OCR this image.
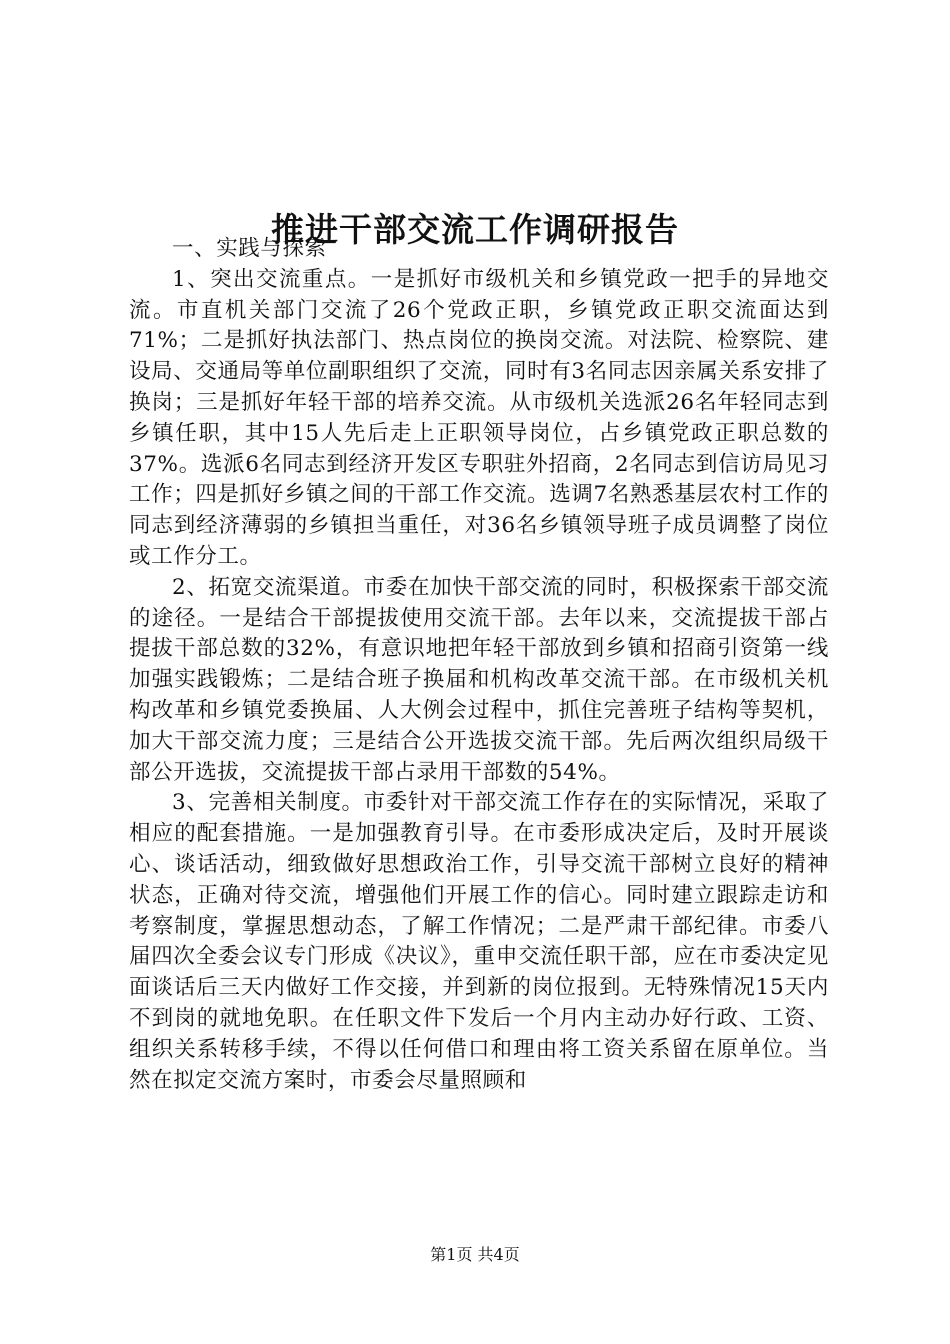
推进干部交流工作调研报告

一、实践与探索

1、突出交流重点。一是抓好市级机关和乡镇党政一把手的异地交流。市直机关部门交流了26个党政正职，乡镇党政正职交流面达到71%；二是抓好执法部门、热点岗位的换岗交流。对法院、检察院、建设局、交通局等单位副职组织了交流，同时有3名同志因亲属关系安排了换岗；三是抓好年轻干部的培养交流。从市级机关选派26名年轻同志到乡镇任职，其中15人先后走上正职领导岗位，占乡镇党政正职总数的37%。选派6名同志到经济开发区专职驻外招商，2名同志到信访局见习工作；四是抓好乡镇之间的干部工作交流。选调7名熟悉基层农村工作的同志到经济薄弱的乡镇担当重任，对36名乡镇领导班子成员调整了岗位或工作分工。

2、拓宽交流渠道。市委在加快干部交流的同时，积极探索干部交流的途径。一是结合干部提拔使用交流干部。去年以来，交流提拔干部占提拔干部总数的32%，有意识地把年轻干部放到乡镇和招商引资第一线加强实践锻炼；二是结合班子换届和机构改革交流干部。在市级机关机构改革和乡镇党委换届、人大例会过程中，抓住完善班子结构等契机，加大干部交流力度；三是结合公开选拔交流干部。先后两次组织局级干部公开选拔，交流提拔干部占录用干部数的54%。

3、完善相关制度。市委针对干部交流工作存在的实际情况，采取了相应的配套措施。一是加强教育引导。在市委形成决定后，及时开展谈心、谈话活动，细致做好思想政治工作，引导交流干部树立良好的精神状态，正确对待交流，增强他们开展工作的信心。同时建立跟踪走访和考察制度，掌握思想动态，了解工作情况；二是严肃干部纪律。市委八届四次全委会议专门形成《决议》，重申交流任职干部，应在市委决定见面谈话后三天内做好工作交接，并到新的岗位报到。无特殊情况15天内不到岗的就地免职。在任职文件下发后一个月内主动办好行政、工资、组织关系转移手续，不得以任何借口和理由将工资关系留在原单位。当然在拟定交流方案时，市委会尽量照顾和

第1页 共4页
